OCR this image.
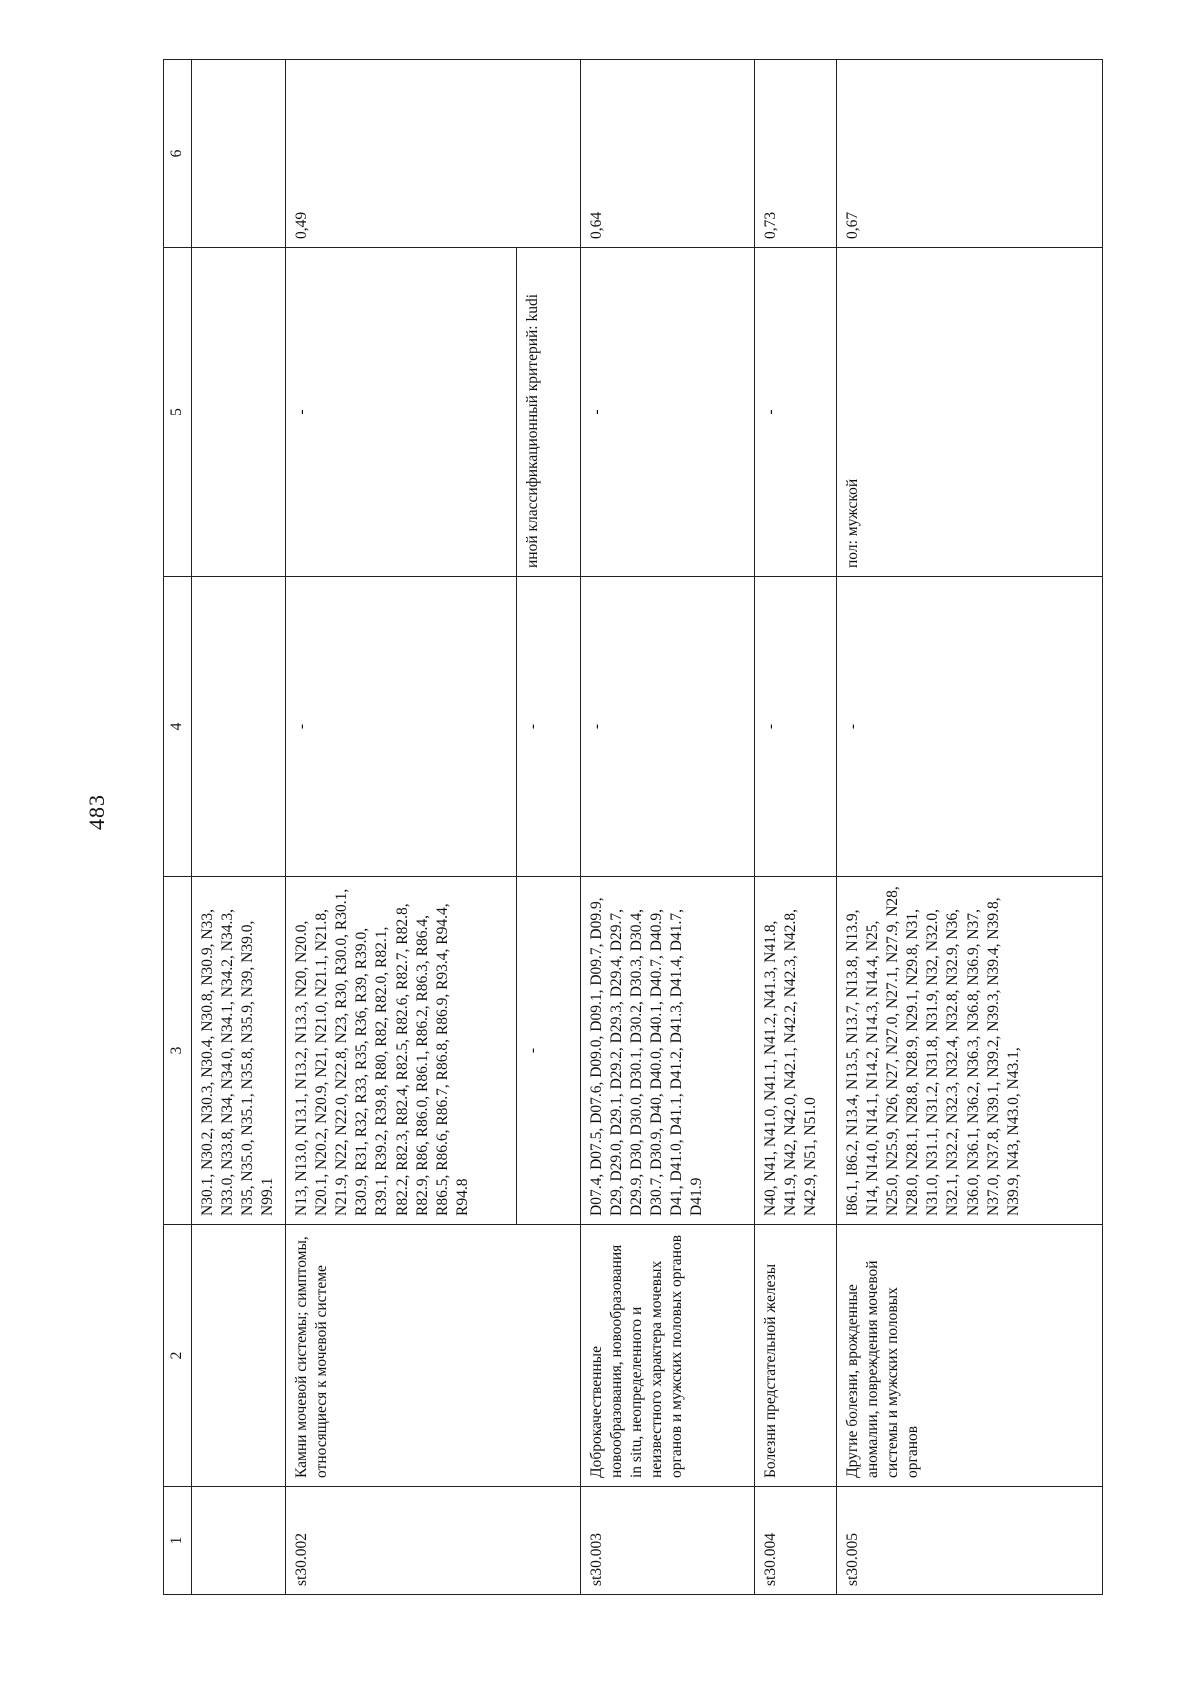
483
1	2	3	4	5	6
		N30.1, N30.2, N30.3, N30.4, N30.8, N30.9, N33, N33.0, N33.8, N34, N34.0, N34.1, N34.2, N34.3, N35, N35.0, N35.1, N35.8, N35.9, N39, N39.0, N99.1			
st30.002	Камни мочевой системы; симптомы, относящиеся к мочевой системе	N13, N13.0, N13.1, N13.2, N13.3, N20, N20.0, N20.1, N20.2, N20.9, N21, N21.0, N21.1, N21.8, N21.9, N22, N22.0, N22.8, N23, R30, R30.0, R30.1, R30.9, R31, R32, R33, R35, R36, R39, R39.0, R39.1, R39.2, R39.8, R80, R82, R82.0, R82.1, R82.2, R82.3, R82.4, R82.5, R82.6, R82.7, R82.8, R82.9, R86, R86.0, R86.1, R86.2, R86.3, R86.4, R86.5, R86.6, R86.7, R86.8, R86.9, R93.4, R94.4, R94.8	-	-	0,49
		-	-	иной классификационный критерий: kudi	
st30.003	Доброкачественные новообразования, новообразования in situ, неопределенного и неизвестного характера мочевых органов и мужских половых органов	D07.4, D07.5, D07.6, D09.0, D09.1, D09.7, D09.9, D29, D29.0, D29.1, D29.2, D29.3, D29.4, D29.7, D29.9, D30, D30.0, D30.1, D30.2, D30.3, D30.4, D30.7, D30.9, D40, D40.0, D40.1, D40.7, D40.9, D41, D41.0, D41.1, D41.2, D41.3, D41.4, D41.7, D41.9	-	-	0,64
st30.004	Болезни предстательной железы	N40, N41, N41.0, N41.1, N41.2, N41.3, N41.8, N41.9, N42, N42.0, N42.1, N42.2, N42.3, N42.8, N42.9, N51, N51.0	-	-	0,73
st30.005	Другие болезни, врожденные аномалии, повреждения мочевой системы и мужских половых органов	I86.1, I86.2, N13.4, N13.5, N13.7, N13.8, N13.9, N14, N14.0, N14.1, N14.2, N14.3, N14.4, N25, N25.0, N25.9, N26, N27, N27.0, N27.1, N27.9, N28, N28.0, N28.1, N28.8, N28.9, N29.1, N29.8, N31, N31.0, N31.1, N31.2, N31.8, N31.9, N32, N32.0, N32.1, N32.2, N32.3, N32.4, N32.8, N32.9, N36, N36.0, N36.1, N36.2, N36.3, N36.8, N36.9, N37, N37.0, N37.8, N39.1, N39.2, N39.3, N39.4, N39.8, N39.9, N43, N43.0, N43.1,	-	пол: мужской	0,67
